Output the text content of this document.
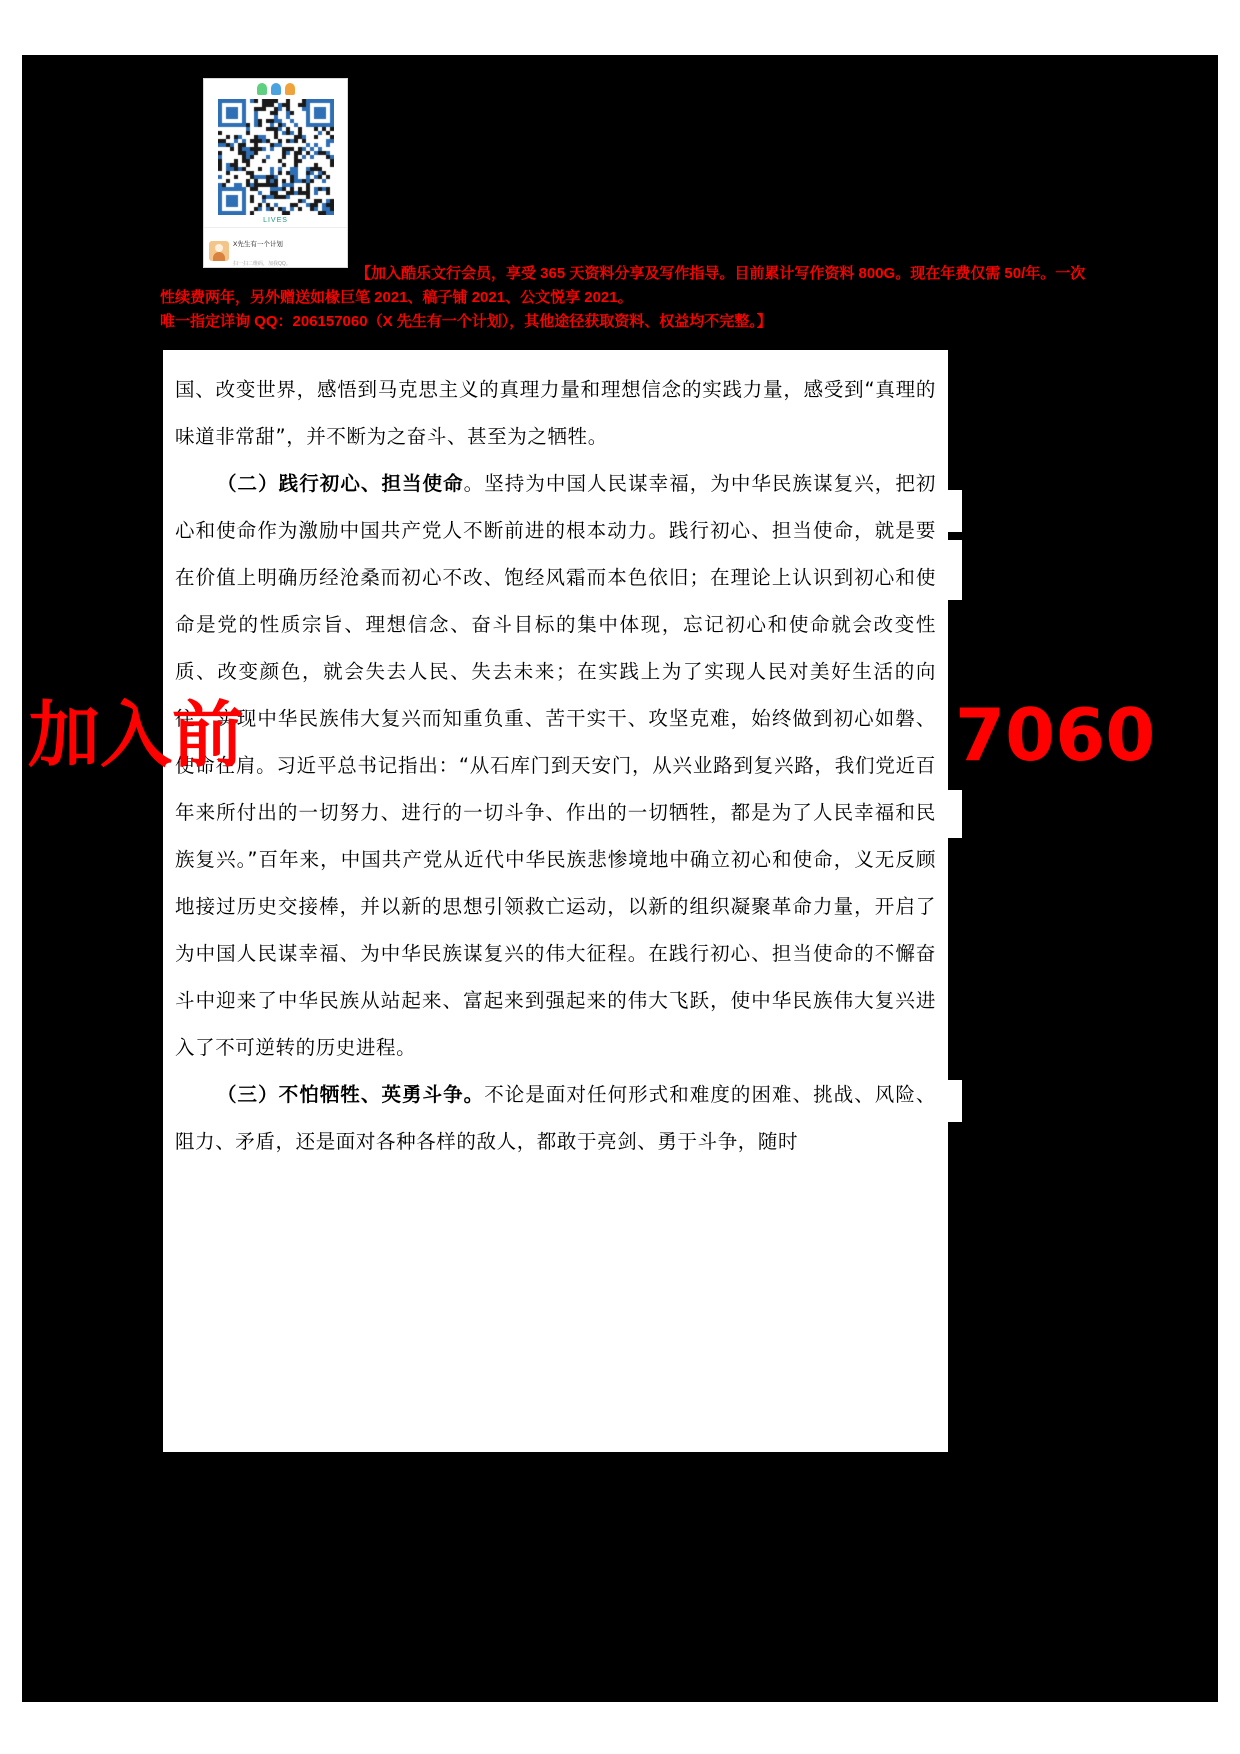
LIVES
X先生有一个计划
扫一扫二维码，加我QQ。
【加入酷乐文行会员，享受 365 天资料分享及写作指导。目前累计写作资料 800G。现在年费仅需 50/年。一次性续费两年，另外赠送如椽巨笔 2021、稿子铺 2021、公文悦享 2021。
唯一指定详询 QQ：206157060（X 先生有一个计划），其他途径获取资料、权益均不完整。】

国、改变世界，感悟到马克思主义的真理力量和理想信念的实践力量，感受到“真理的味道非常甜”，并不断为之奋斗、甚至为之牺牲。

（二）践行初心、担当使命。坚持为中国人民谋幸福，为中华民族谋复兴，把初心和使命作为激励中国共产党人不断前进的根本动力。践行初心、担当使命，就是要在价值上明确历经沧桑而初心不改、饱经风霜而本色依旧；在理论上认识到初心和使命是党的性质宗旨、理想信念、奋斗目标的集中体现，忘记初心和使命就会改变性质、改变颜色，就会失去人民、失去未来；在实践上为了实现人民对美好生活的向往、实现中华民族伟大复兴而知重负重、苦干实干、攻坚克难，始终做到初心如磐、使命在肩。习近平总书记指出：“从石库门到天安门，从兴业路到复兴路，我们党近百年来所付出的一切努力、进行的一切斗争、作出的一切牺牲，都是为了人民幸福和民族复兴。”百年来，中国共产党从近代中华民族悲惨境地中确立初心和使命，义无反顾地接过历史交接棒，并以新的思想引领救亡运动，以新的组织凝聚革命力量，开启了为中国人民谋幸福、为中华民族谋复兴的伟大征程。在践行初心、担当使命的不懈奋斗中迎来了中华民族从站起来、富起来到强起来的伟大飞跃，使中华民族伟大复兴进入了不可逆转的历史进程。

（三）不怕牺牲、英勇斗争。不论是面对任何形式和难度的困难、挑战、风险、阻力、矛盾，还是面对各种各样的敌人，都敢于亮剑、勇于斗争，随时

加入前	7060
